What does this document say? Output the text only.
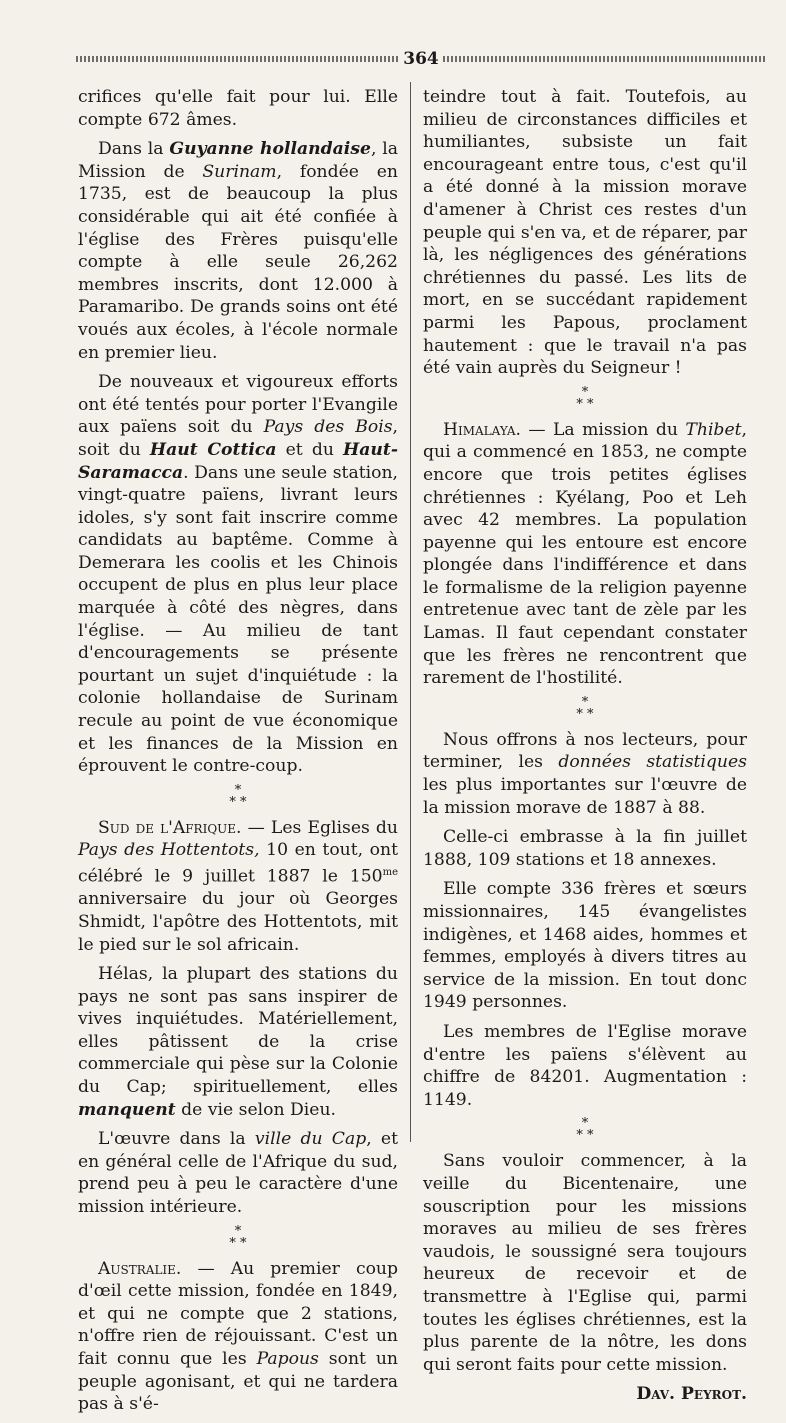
364

crifices qu'elle fait pour lui. Elle compte 672 âmes.

Dans la Guyanne hollandaise, la Mission de Surinam, fondée en 1735, est de beaucoup la plus considérable qui ait été confiée à l'église des Frères puisqu'elle compte à elle seule 26,262 membres inscrits, dont 12.000 à Paramaribo. De grands soins ont été voués aux écoles, à l'école normale en premier lieu.

De nouveaux et vigoureux efforts ont été tentés pour porter l'Evangile aux païens soit du Pays des Bois, soit du Haut Cottica et du Haut-Saramacca. Dans une seule station, vingt-quatre païens, livrant leurs idoles, s'y sont fait inscrire comme candidats au baptême. Comme à Demerara les coolis et les Chinois occupent de plus en plus leur place marquée à côté des nègres, dans l'église. — Au milieu de tant d'encouragements se présente pourtant un sujet d'inquiétude : la colonie hollandaise de Surinam recule au point de vue économique et les finances de la Mission en éprouvent le contre-coup.

*
* *

Sud de l'Afrique. — Les Eglises du Pays des Hottentots, 10 en tout, ont célébré le 9 juillet 1887 le $150^{me}$ anniversaire du jour où Georges Shmidt, l'apôtre des Hottentots, mit le pied sur le sol africain.

Hélas, la plupart des stations du pays ne sont pas sans inspirer de vives inquiétudes. Matériellement, elles pâtissent de la crise commerciale qui pèse sur la Colonie du Cap; spirituellement, elles manquent de vie selon Dieu.

L'œuvre dans la ville du Cap, et en général celle de l'Afrique du sud, prend peu à peu le caractère d'une mission intérieure.

*
* *

Australie. — Au premier coup d'œil cette mission, fondée en 1849, et qui ne compte que 2 stations, n'offre rien de réjouissant. C'est un fait connu que les Papous sont un peuple agonisant, et qui ne tardera pas à s'é-

teindre tout à fait. Toutefois, au milieu de circonstances difficiles et humiliantes, subsiste un fait encourageant entre tous, c'est qu'il a été donné à la mission morave d'amener à Christ ces restes d'un peuple qui s'en va, et de réparer, par là, les négligences des générations chrétiennes du passé. Les lits de mort, en se succédant rapidement parmi les Papous, proclament hautement : que le travail n'a pas été vain auprès du Seigneur !

*
* *

Himalaya. — La mission du Thibet, qui a commencé en 1853, ne compte encore que trois petites églises chrétiennes : Kyélang, Poo et Leh avec 42 membres. La population payenne qui les entoure est encore plongée dans l'indifférence et dans le formalisme de la religion payenne entretenue avec tant de zèle par les Lamas. Il faut cependant constater que les frères ne rencontrent que rarement de l'hostilité.

*
* *

Nous offrons à nos lecteurs, pour terminer, les données statistiques les plus importantes sur l'œuvre de la mission morave de 1887 à 88.

Celle-ci embrasse à la fin juillet 1888, 109 stations et 18 annexes.

Elle compte 336 frères et sœurs missionnaires, 145 évangelistes indigènes, et 1468 aides, hommes et femmes, employés à divers titres au service de la mission. En tout donc 1949 personnes.

Les membres de l'Eglise morave d'entre les païens s'élèvent au chiffre de 84201. Augmentation : 1149.

*
* *

Sans vouloir commencer, à la veille du Bicentenaire, une souscription pour les missions moraves au milieu de ses frères vaudois, le soussigné sera toujours heureux de recevoir et de transmettre à l'Eglise qui, parmi toutes les églises chrétiennes, est la plus parente de la nôtre, les dons qui seront faits pour cette mission.

Dav. Peyrot.
